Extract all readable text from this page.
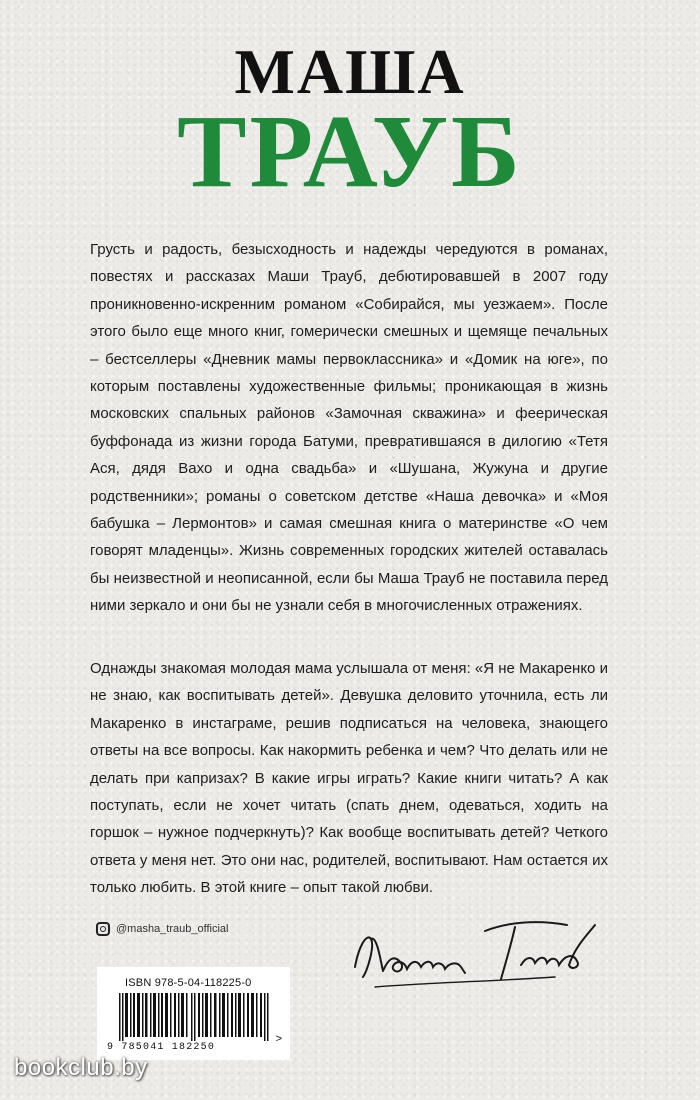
МАША
ТРАУБ

Грусть и радость, безысходность и надежды чередуются в романах, повестях и рассказах Маши Трауб, дебютировавшей в 2007 году проникновенно-искренним романом «Собирайся, мы уезжаем». После этого было еще много книг, гомерически смешных и щемяще печальных – бестселлеры «Дневник мамы первоклассника» и «Домик на юге», по которым поставлены художественные фильмы; проникающая в жизнь московских спальных районов «Замочная скважина» и феерическая буффонада из жизни города Батуми, превратившаяся в дилогию «Тетя Ася, дядя Вахо и одна свадьба» и «Шушана, Жужуна и другие родственники»; романы о советском детстве «Наша девочка» и «Моя бабушка – Лермонтов» и самая смешная книга о материнстве «О чем говорят младенцы». Жизнь современных городских жителей оставалась бы неизвестной и неописанной, если бы Маша Трауб не поставила перед ними зеркало и они бы не узнали себя в многочисленных отражениях.

Однажды знакомая молодая мама услышала от меня: «Я не Макаренко и не знаю, как воспитывать детей». Девушка деловито уточнила, есть ли Макаренко в инстаграме, решив подписаться на человека, знающего ответы на все вопросы. Как накормить ребенка и чем? Что делать или не делать при капризах? В какие игры играть? Какие книги читать? А как поступать, если не хочет читать (спать днем, одеваться, ходить на горшок – нужное подчеркнуть)? Как вообще воспитывать детей? Четкого ответа у меня нет. Это они нас, родителей, воспитывают. Нам остается их только любить. В этой книге – опыт такой любви.

@masha_traub_official
ISBN 978-5-04-118225-0
9 785041 182250
>
bookclub.by
